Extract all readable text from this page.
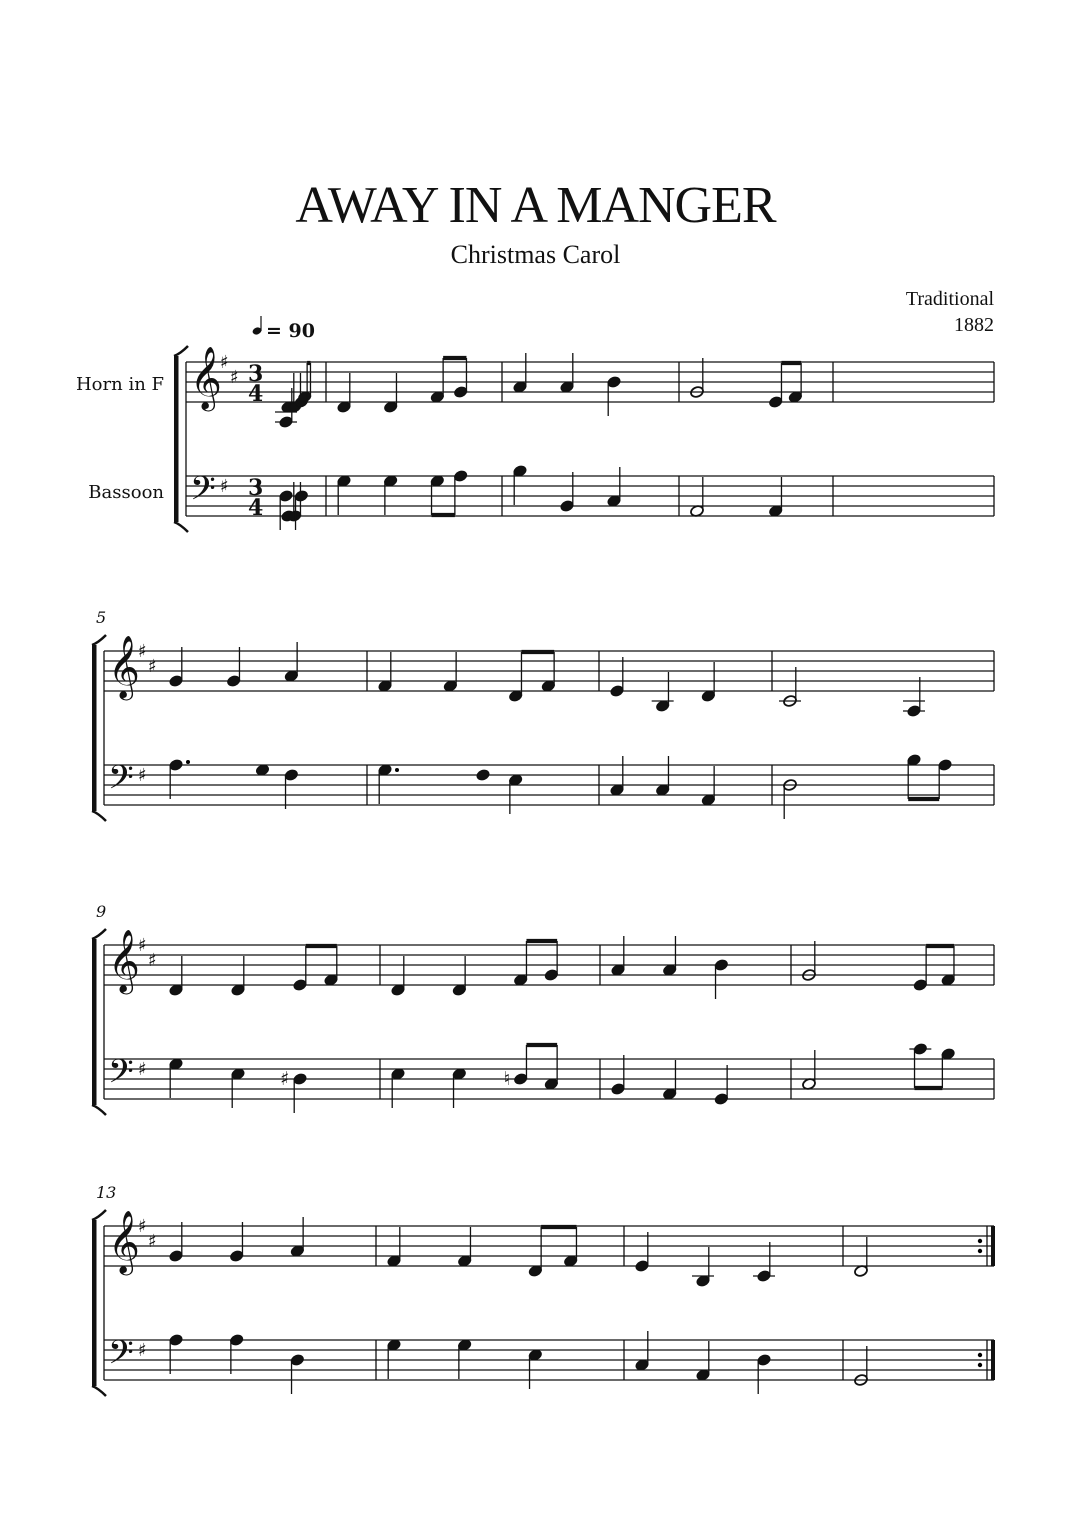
AWAY IN A MANGER
Christmas Carol
Traditional
1882
Horn in F
Bassoon
= 90
𝄞
𝄢
♯
♯
♯
3
4
3
4
5
𝄞
𝄢
♯
♯
♯
9
𝄞
𝄢
♯
♯
♯	♯	♮
13
𝄞
𝄢
♯
♯
♯
